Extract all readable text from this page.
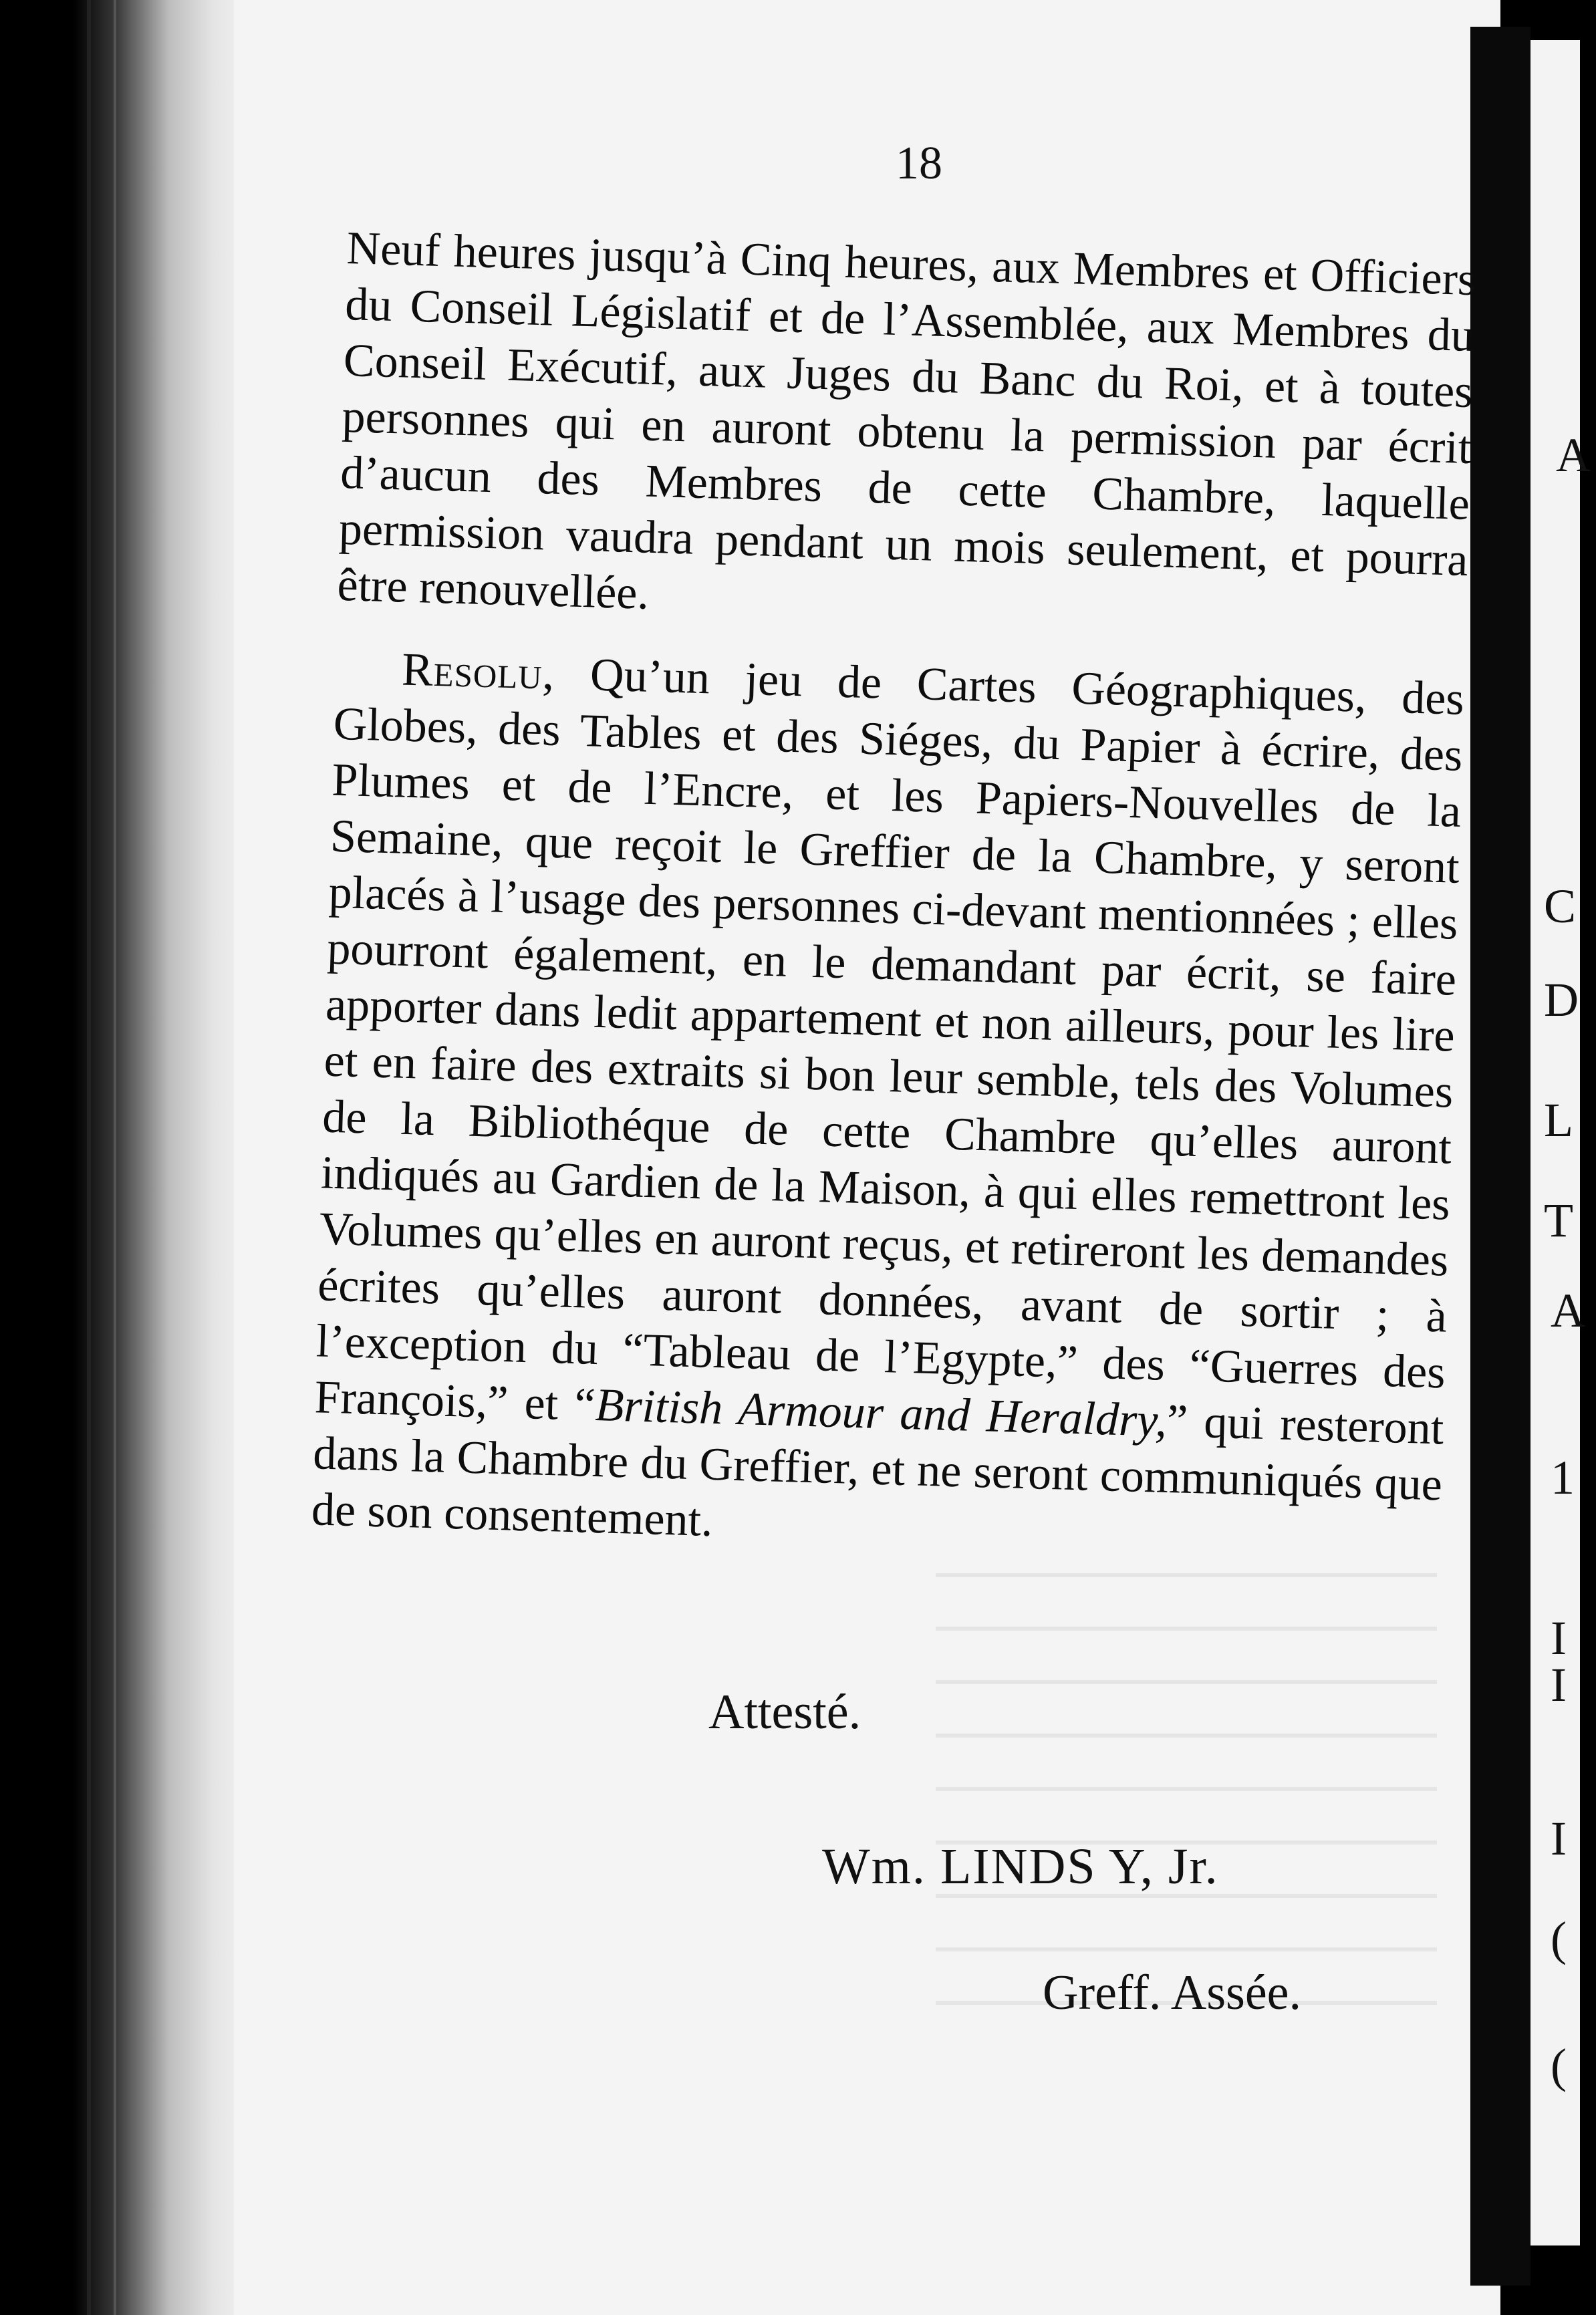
A
C
D
L
T
A
1
I
I
I
(
(
18

Neuf heures jusqu’à Cinq heures, aux Membres et Officiers du Conseil Législatif et de l’Assemblée, aux Membres du Conseil Exécutif, aux Juges du Banc du Roi, et à toutes personnes qui en auront obtenu la permission par écrit d’aucun des Membres de cette Chambre, laquelle permission vaudra pendant un mois seulement, et pourra être renouvellée.

Resolu, Qu’un jeu de Cartes Géographiques, des Globes, des Tables et des Siéges, du Papier à écrire, des Plumes et de l’Encre, et les Papiers-Nouvelles de la Semaine, que reçoit le Greffier de la Chambre, y seront placés à l’usage des personnes ci-devant mentionnées ; elles pourront également, en le demandant par écrit, se faire apporter dans ledit appartement et non ailleurs, pour les lire et en faire des extraits si bon leur semble, tels des Volumes de la Bibliothéque de cette Chambre qu’elles auront indiqués au Gardien de la Maison, à qui elles remettront les Volumes qu’elles en auront reçus, et retireront les demandes écrites qu’elles auront données, avant de sortir ; à l’exception du “Tableau de l’Egypte,” des “Guerres des François,” et “British Armour and Heraldry,” qui resteront dans la Chambre du Greffier, et ne seront communiqués que de son consentement.

Attesté.
Wm. LINDS Y, Jr.
Greff. Assée.
